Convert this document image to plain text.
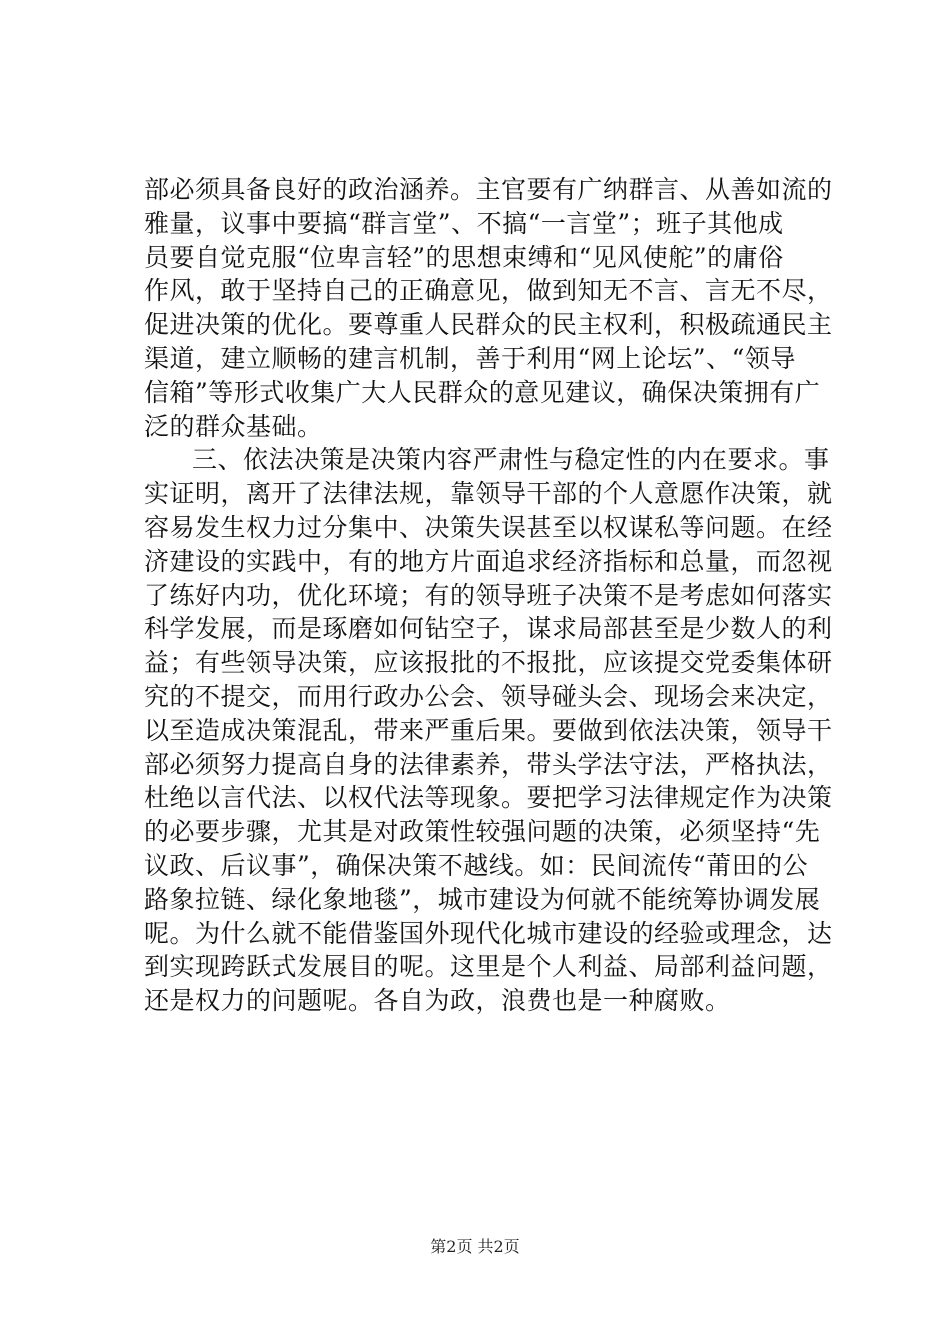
部必须具备良好的政治涵养。主官要有广纳群言、从善如流的
雅量，议事中要搞“群言堂”、不搞“一言堂”；班子其他成
员要自觉克服“位卑言轻”的思想束缚和“见风使舵”的庸俗
作风，敢于坚持自己的正确意见，做到知无不言、言无不尽，
促进决策的优化。要尊重人民群众的民主权利，积极疏通民主
渠道，建立顺畅的建言机制，善于利用“网上论坛”、“领导
信箱”等形式收集广大人民群众的意见建议，确保决策拥有广
泛的群众基础。
三、依法决策是决策内容严肃性与稳定性的内在要求。事
实证明，离开了法律法规，靠领导干部的个人意愿作决策，就
容易发生权力过分集中、决策失误甚至以权谋私等问题。在经
济建设的实践中，有的地方片面追求经济指标和总量，而忽视
了练好内功，优化环境；有的领导班子决策不是考虑如何落实
科学发展，而是琢磨如何钻空子，谋求局部甚至是少数人的利
益；有些领导决策，应该报批的不报批，应该提交党委集体研
究的不提交，而用行政办公会、领导碰头会、现场会来决定，
以至造成决策混乱，带来严重后果。要做到依法决策，领导干
部必须努力提高自身的法律素养，带头学法守法，严格执法，
杜绝以言代法、以权代法等现象。要把学习法律规定作为决策
的必要步骤，尤其是对政策性较强问题的决策，必须坚持“先
议政、后议事”，确保决策不越线。如：民间流传“莆田的公
路象拉链、绿化象地毯”，城市建设为何就不能统筹协调发展
呢。为什么就不能借鉴国外现代化城市建设的经验或理念，达
到实现跨跃式发展目的呢。这里是个人利益、局部利益问题，
还是权力的问题呢。各自为政，浪费也是一种腐败。
第2页 共2页
